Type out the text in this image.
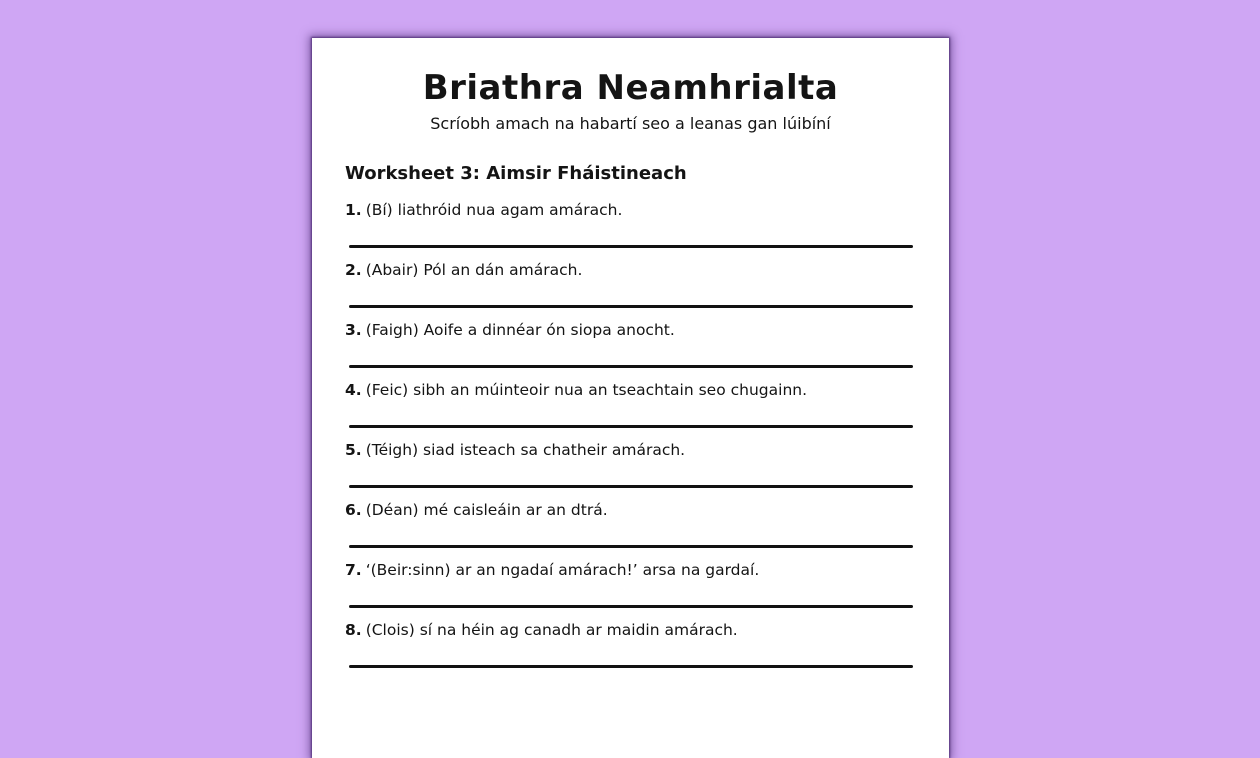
Briathra Neamhrialta

Scríobh amach na habartí seo a leanas gan lúibíní

Worksheet 3: Aimsir Fháistineach
1. (Bí) liathróid nua agam amárach.
2. (Abair) Pól an dán amárach.
3. (Faigh) Aoife a dinnéar ón siopa anocht.
4. (Feic) sibh an múinteoir nua an tseachtain seo chugainn.
5. (Téigh) siad isteach sa chatheir amárach.
6. (Déan) mé caisleáin ar an dtrá.
7. ‘(Beir:sinn) ar an ngadaí amárach!’ arsa na gardaí.
8. (Clois) sí na héin ag canadh ar maidin amárach.
